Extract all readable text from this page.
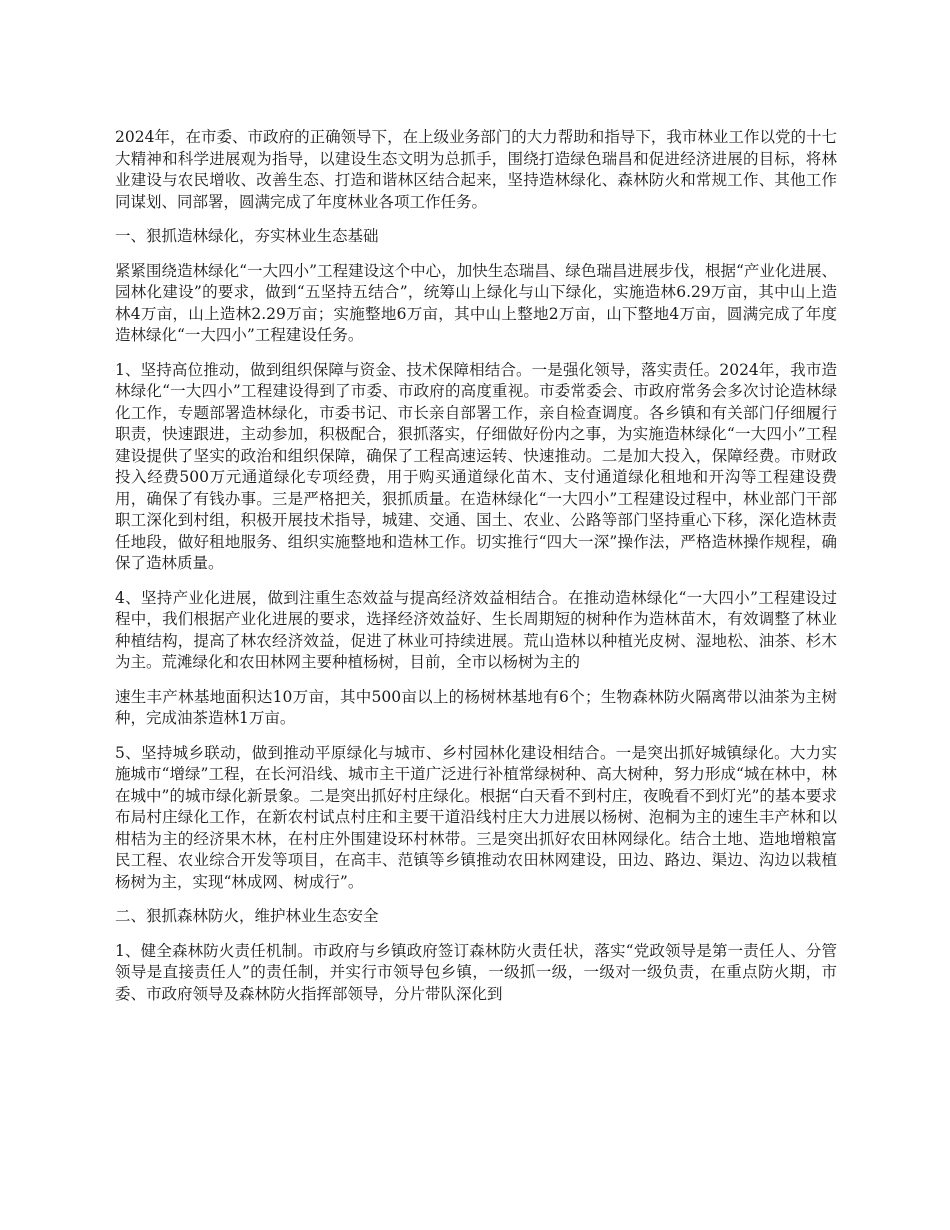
2024年，在市委、市政府的正确领导下，在上级业务部门的大力帮助和指导下，我市林业工作以党的十七大精神和科学进展观为指导，以建设生态文明为总抓手，围绕打造绿色瑞昌和促进经济进展的目标，将林业建设与农民增收、改善生态、打造和谐林区结合起来，坚持造林绿化、森林防火和常规工作、其他工作同谋划、同部署，圆满完成了年度林业各项工作任务。

一、狠抓造林绿化，夯实林业生态基础

紧紧围绕造林绿化“一大四小”工程建设这个中心，加快生态瑞昌、绿色瑞昌进展步伐，根据“产业化进展、园林化建设”的要求，做到“五坚持五结合”，统筹山上绿化与山下绿化，实施造林6.29万亩，其中山上造林4万亩，山上造林2.29万亩；实施整地6万亩，其中山上整地2万亩，山下整地4万亩，圆满完成了年度造林绿化“一大四小”工程建设任务。

1、坚持高位推动，做到组织保障与资金、技术保障相结合。一是强化领导，落实责任。2024年，我市造林绿化“一大四小”工程建设得到了市委、市政府的高度重视。市委常委会、市政府常务会多次讨论造林绿化工作，专题部署造林绿化，市委书记、市长亲自部署工作，亲自检查调度。各乡镇和有关部门仔细履行职责，快速跟进，主动参加，积极配合，狠抓落实，仔细做好份内之事，为实施造林绿化“一大四小”工程建设提供了坚实的政治和组织保障，确保了工程高速运转、快速推动。二是加大投入，保障经费。市财政投入经费500万元通道绿化专项经费，用于购买通道绿化苗木、支付通道绿化租地和开沟等工程建设费用，确保了有钱办事。三是严格把关，狠抓质量。在造林绿化“一大四小”工程建设过程中，林业部门干部职工深化到村组，积极开展技术指导，城建、交通、国土、农业、公路等部门坚持重心下移，深化造林责任地段，做好租地服务、组织实施整地和造林工作。切实推行“四大一深”操作法，严格造林操作规程，确保了造林质量。

4、坚持产业化进展，做到注重生态效益与提高经济效益相结合。在推动造林绿化“一大四小”工程建设过程中，我们根据产业化进展的要求，选择经济效益好、生长周期短的树种作为造林苗木，有效调整了林业种植结构，提高了林农经济效益，促进了林业可持续进展。荒山造林以种植光皮树、湿地松、油茶、杉木为主。荒滩绿化和农田林网主要种植杨树，目前，全市以杨树为主的

速生丰产林基地面积达10万亩，其中500亩以上的杨树林基地有6个；生物森林防火隔离带以油茶为主树种，完成油茶造林1万亩。

5、坚持城乡联动，做到推动平原绿化与城市、乡村园林化建设相结合。一是突出抓好城镇绿化。大力实施城市“增绿”工程，在长河沿线、城市主干道广泛进行补植常绿树种、高大树种，努力形成“城在林中，林在城中”的城市绿化新景象。二是突出抓好村庄绿化。根据“白天看不到村庄，夜晚看不到灯光”的基本要求布局村庄绿化工作，在新农村试点村庄和主要干道沿线村庄大力进展以杨树、泡桐为主的速生丰产林和以柑桔为主的经济果木林，在村庄外围建设环村林带。三是突出抓好农田林网绿化。结合土地、造地增粮富民工程、农业综合开发等项目，在高丰、范镇等乡镇推动农田林网建设，田边、路边、渠边、沟边以栽植杨树为主，实现“林成网、树成行”。

二、狠抓森林防火，维护林业生态安全

1、健全森林防火责任机制。市政府与乡镇政府签订森林防火责任状，落实“党政领导是第一责任人、分管领导是直接责任人”的责任制，并实行市领导包乡镇，一级抓一级，一级对一级负责，在重点防火期，市委、市政府领导及森林防火指挥部领导，分片带队深化到
